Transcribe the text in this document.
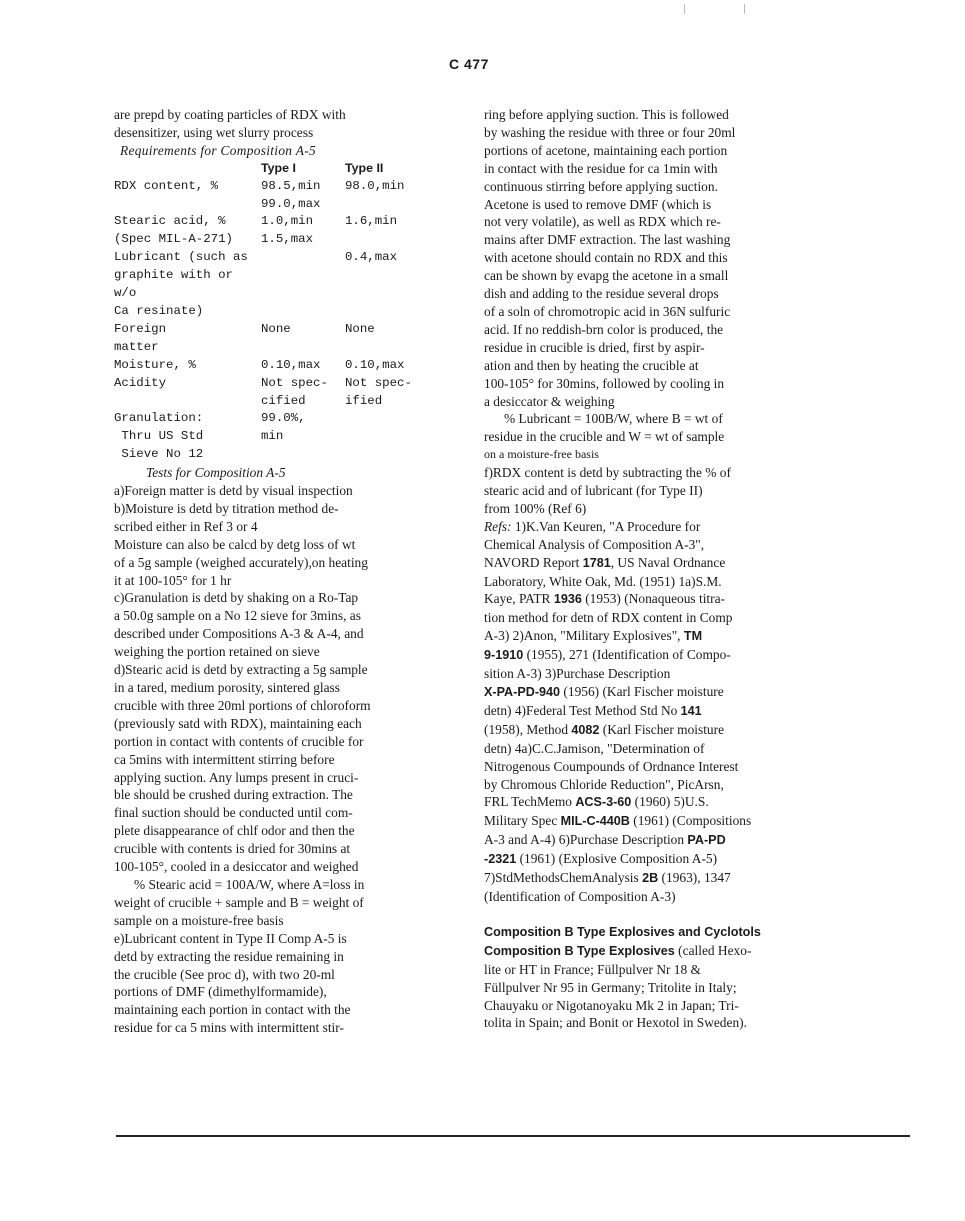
C 477

are prepd by coating particles of RDX with

desensitizer, using wet slurry process

Requirements for Composition A-5

	Type I	Type II
RDX content, %	98.5,min	98.0,min
	99.0,max	
Stearic acid, %	1.0,min	1.6,min
(Spec MIL-A-271)	1.5,max	
Lubricant (such as		0.4,max
graphite with or w/o		
Ca resinate)		
Foreign	None	None
matter		
Moisture, %	0.10,max	0.10,max
Acidity	Not spec-	Not spec-
	cified	ified
Granulation:	99.0%,	
Thru US Std	min	
Sieve No 12		

Tests for Composition A-5

a)Foreign matter is detd by visual inspection

b)Moisture is detd by titration method de-

scribed either in Ref 3 or 4

Moisture can also be calcd by detg loss of wt

of a 5g sample (weighed accurately),on heating

it at 100-105° for 1 hr

c)Granulation is detd by shaking on a Ro-Tap

a 50.0g sample on a No 12 sieve for 3mins, as

described under Compositions A-3 & A-4, and

weighing the portion retained on sieve

d)Stearic acid is detd by extracting a 5g sample

in a tared, medium porosity, sintered glass

crucible with three 20ml portions of chloroform

(previously satd with RDX), maintaining each

portion in contact with contents of crucible for

ca 5mins with intermittent stirring before

applying suction. Any lumps present in cruci-

ble should be crushed during extraction. The

final suction should be conducted until com-

plete disappearance of chlf odor and then the

crucible with contents is dried for 30mins at

100-105°, cooled in a desiccator and weighed

% Stearic acid = 100A/W, where A=loss in

weight of crucible + sample and B = weight of

sample on a moisture-free basis

e)Lubricant content in Type II Comp A-5 is

detd by extracting the residue remaining in

the crucible (See proc d), with two 20-ml

portions of DMF (dimethylformamide),

maintaining each portion in contact with the

residue for ca 5 mins with intermittent stir-

ring before applying suction. This is followed

by washing the residue with three or four 20ml

portions of acetone, maintaining each portion

in contact with the residue for ca 1min with

continuous stirring before applying suction.

Acetone is used to remove DMF (which is

not very volatile), as well as RDX which re-

mains after DMF extraction. The last washing

with acetone should contain no RDX and this

can be shown by evapg the acetone in a small

dish and adding to the residue several drops

of a soln of chromotropic acid in 36N sulfuric

acid. If no reddish-brn color is produced, the

residue in crucible is dried, first by aspir-

ation and then by heating the crucible at

100-105° for 30mins, followed by cooling in

a desiccator & weighing

% Lubricant = 100B/W, where B = wt of

residue in the crucible and W = wt of sample

on a moisture-free basis

f)RDX content is detd by subtracting the % of

stearic acid and of lubricant (for Type II)

from 100% (Ref 6)

Refs: 1)K.Van Keuren, "A Procedure for

Chemical Analysis of Composition A-3",

NAVORD Report 1781, US Naval Ordnance

Laboratory, White Oak, Md. (1951) 1a)S.M.

Kaye, PATR 1936 (1953) (Nonaqueous titra-

tion method for detn of RDX content in Comp

A-3) 2)Anon, "Military Explosives", TM

9-1910 (1955), 271 (Identification of Compo-

sition A-3) 3)Purchase Description

X-PA-PD-940 (1956) (Karl Fischer moisture

detn) 4)Federal Test Method Std No 141

(1958), Method 4082 (Karl Fischer moisture

detn) 4a)C.C.Jamison, "Determination of

Nitrogenous Coumpounds of Ordnance Interest

by Chromous Chloride Reduction", PicArsn,

FRL TechMemo ACS-3-60 (1960) 5)U.S.

Military Spec MIL-C-440B (1961) (Compositions

A-3 and A-4) 6)Purchase Description PA-PD

-2321 (1961) (Explosive Composition A-5)

7)StdMethodsChemAnalysis 2B (1963), 1347

(Identification of Composition A-3)

Composition B Type Explosives and Cyclotols

Composition B Type Explosives (called Hexo-

lite or HT in France; Füllpulver Nr 18 &

Füllpulver Nr 95 in Germany; Tritolite in Italy;

Chauyaku or Nigotanoyaku Mk 2 in Japan; Tri-

tolita in Spain; and Bonit or Hexotol in Sweden).
